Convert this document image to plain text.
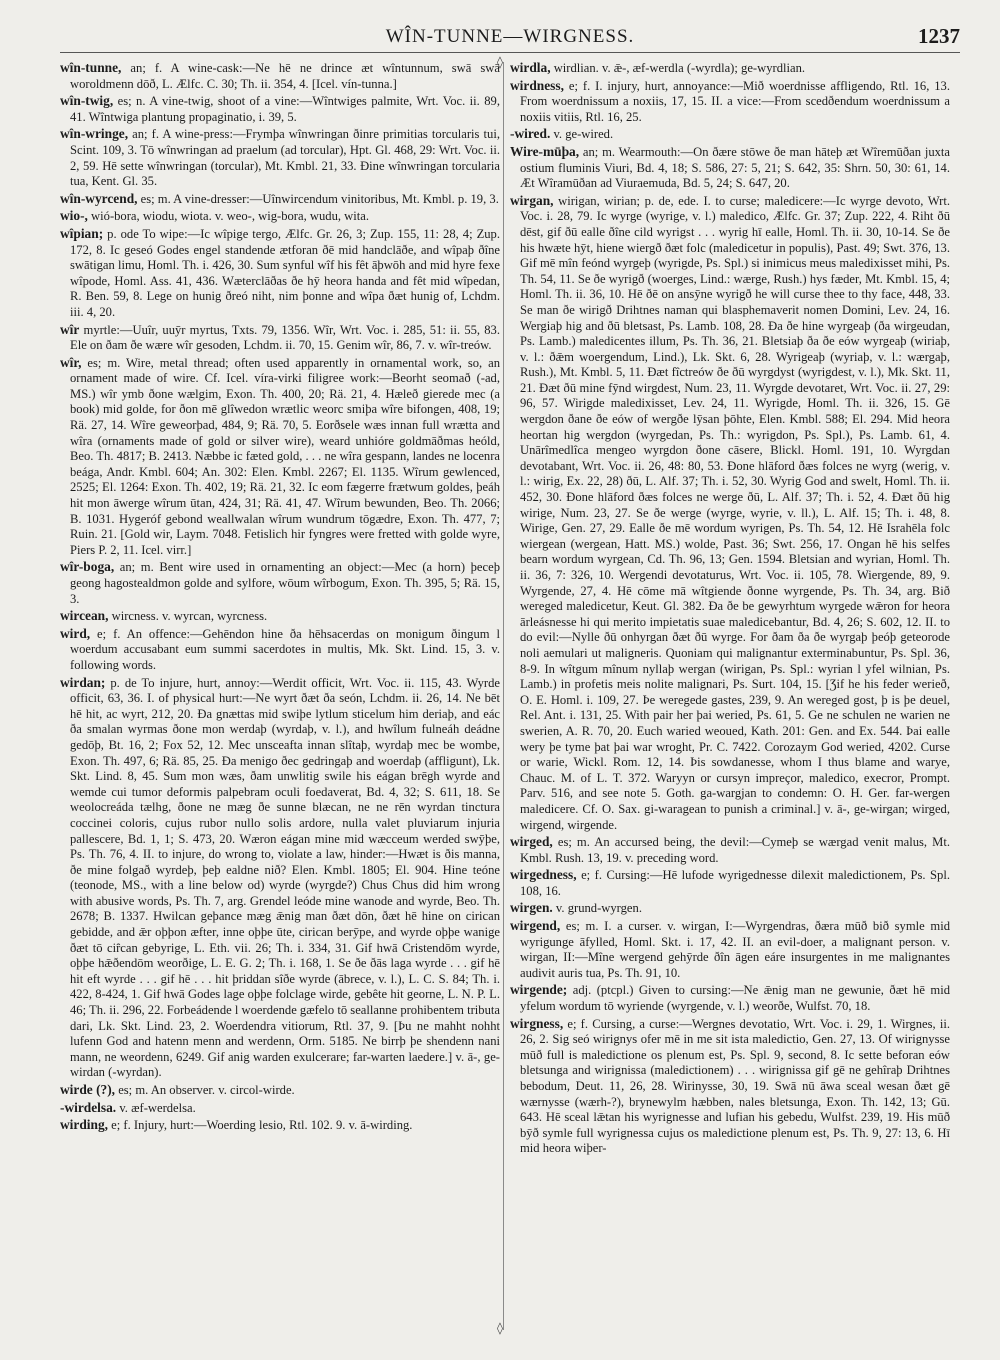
WÎN-TUNNE—WIRGNESS.	1237

wîn-tunne, an; f. A wine-cask:—Ne hē ne drince æt wîntunnum, swā swā woroldmenn dōð, L. Ælfc. C. 30; Th. ii. 354, 4. [Icel. vín-tunna.]

wîn-twig, es; n. A vine-twig, shoot of a vine:—Wîntwiges palmite, Wrt. Voc. ii. 89, 41. Wîntwiga plantung propaginatio, i. 39, 5.

wîn-wringe, an; f. A wine-press:—Frymþa wînwringan ðinre primitias torcularis tui, Scint. 109, 3. Tō wînwringan ad praelum (ad torcular), Hpt. Gl. 468, 29: Wrt. Voc. ii. 2, 59. Hē sette wînwringan (torcular), Mt. Kmbl. 21, 33. Ðine wînwringan torcularia tua, Kent. Gl. 35.

wîn-wyrcend, es; m. A vine-dresser:—Uînwircendum vinitoribus, Mt. Kmbl. p. 19, 3.

wio-, wió-bora, wiodu, wiota. v. weo-, wig-bora, wudu, wita.

wîpian; p. ode To wipe:—Ic wîpige tergo, Ælfc. Gr. 26, 3; Zup. 155, 11: 28, 4; Zup. 172, 8. Ic geseó Godes engel standende ætforan ðē mid handclāðe, and wîpaþ ðîne swātigan limu, Homl. Th. i. 426, 30. Sum synful wîf his fêt āþwōh and mid hyre fexe wîpode, Homl. Ass. 41, 436. Wæterclāðas ðe hȳ heora handa and fêt mid wîpedan, R. Ben. 59, 8. Lege on hunig ðreó niht, nim þonne and wîpa ðæt hunig of, Lchdm. iii. 4, 20.

wîr myrtle:—Uuîr, uuȳr myrtus, Txts. 79, 1356. Wîr, Wrt. Voc. i. 285, 51: ii. 55, 83. Ele on ðam ðe wære wîr gesoden, Lchdm. ii. 70, 15. Genim wîr, 86, 7. v. wîr-treów.

wîr, es; m. Wire, metal thread; often used apparently in ornamental work, so, an ornament made of wire. Cf. Icel. víra-virki filigree work:—Beorht seomað (-ad, MS.) wîr ymb ðone wælgim, Exon. Th. 400, 20; Rä. 21, 4. Hæleð gierede mec (a book) mid golde, for ðon mē glîwedon wrætlic weorc smiþa wîre bifongen, 408, 19; Rä. 27, 14. Wîre geweorþad, 484, 9; Rä. 70, 5. Eorðsele wæs innan full wrætta and wîra (ornaments made of gold or silver wire), weard unhióre goldmāðmas heóld, Beo. Th. 4817; B. 2413. Næbbe ic fæted gold, . . . ne wîra gespann, landes ne locenra beága, Andr. Kmbl. 604; An. 302: Elen. Kmbl. 2267; El. 1135. Wîrum gewlenced, 2525; El. 1264: Exon. Th. 402, 19; Rä. 21, 32. Ic eom fægerre frætwum goldes, þeáh hit mon āwerge wîrum ūtan, 424, 31; Rä. 41, 47. Wîrum bewunden, Beo. Th. 2066; B. 1031. Hygeróf gebond weallwalan wîrum wundrum tōgædre, Exon. Th. 477, 7; Ruin. 21. [Gold wir, Laym. 7048. Fetislich hir fyngres were fretted with golde wyre, Piers P. 2, 11. Icel. virr.]

wîr-boga, an; m. Bent wire used in ornamenting an object:—Mec (a horn) þeceþ geong hagostealdmon golde and sylfore, wōum wîrbogum, Exon. Th. 395, 5; Rä. 15, 3.

wircean, wircness. v. wyrcan, wyrcness.

wird, e; f. An offence:—Gehēndon hine ða hēhsacerdas on monigum ðingum l woerdum accusabant eum summi sacerdotes in multis, Mk. Skt. Lind. 15, 3. v. following words.

wirdan; p. de To injure, hurt, annoy:—Werdit officit, Wrt. Voc. ii. 115, 43. Wyrde officit, 63, 36. I. of physical hurt:—Ne wyrt ðæt ða seón, Lchdm. ii. 26, 14. Ne bēt hē hit, ac wyrt, 212, 20. Ða gnættas mid swiþe lytlum sticelum him deriaþ, and eác ða smalan wyrmas ðone mon werdaþ (wyrdaþ, v. l.), and hwîlum fulneáh deádne gedōþ, Bt. 16, 2; Fox 52, 12. Mec unsceafta innan slîtaþ, wyrdaþ mec be wombe, Exon. Th. 497, 6; Rä. 85, 25. Ða menigo ðec gedringaþ and woerdaþ (affligunt), Lk. Skt. Lind. 8, 45. Sum mon wæs, ðam unwlitig swile his eágan brēgh wyrde and wemde cui tumor deformis palpebram oculi foedaverat, Bd. 4, 32; S. 611, 18. Se weolocreáda tælhg, ðone ne mæg ðe sunne blæcan, ne ne rēn wyrdan tinctura coccinei coloris, cujus rubor nullo solis ardore, nulla valet pluviarum injuria pallescere, Bd. 1, 1; S. 473, 20. Wæron eágan mine mid wæcceum werded swȳþe, Ps. Th. 76, 4. II. to injure, do wrong to, violate a law, hinder:—Hwæt is ðis manna, ðe mine folgað wyrdeþ, þeþ ealdne nið? Elen. Kmbl. 1805; El. 904. Hine teóne (teonode, MS., with a line below od) wyrde (wyrgde?) Chus Chus did him wrong with abusive words, Ps. Th. 7, arg. Grendel leóde mine wanode and wyrde, Beo. Th. 2678; B. 1337. Hwilcan geþance mæg ǣnig man ðæt dōn, ðæt hē hine on cirican gebidde, and ǣr oþþon æfter, inne oþþe ūte, cirican berȳpe, and wyrde oþþe wanige ðæt tō ciȓcan gebyrige, L. Eth. vii. 26; Th. i. 334, 31. Gif hwā Cristendōm wyrde, oþþe hǣðendōm weorðige, L. E. G. 2; Th. i. 168, 1. Se ðe ðās laga wyrde . . . gif hē hit eft wyrde . . . gif hē . . . hit þriddan sîðe wyrde (ābrece, v. l.), L. C. S. 84; Th. i. 422, 8-424, 1. Gif hwā Godes lage oþþe folclage wirde, gebête hit georne, L. N. P. L. 46; Th. ii. 296, 22. Forbeádende l woerdende gæfelo tō seallanne prohibentem tributa dari, Lk. Skt. Lind. 23, 2. Woerdendra vitiorum, Rtl. 37, 9. [Þu ne mahht nohht lufenn God and hatenn menn and werdenn, Orm. 5185. Ne birrþ þe shendenn nani mann, ne weordenn, 6249. Gif anig warden exulcerare; far-warten laedere.] v. ā-, ge-wirdan (-wyrdan).

wirde (?), es; m. An observer. v. circol-wirde.

-wirdelsa. v. æf-werdelsa.

wirding, e; f. Injury, hurt:—Woerding lesio, Rtl. 102. 9. v. ā-wirding.

◊
◊

wirdla, wirdlian. v. ǣ-, æf-werdla (-wyrdla); ge-wyrdlian.

wirdness, e; f. I. injury, hurt, annoyance:—Mið woerdnisse affligendo, Rtl. 16, 13. From woerdnissum a noxiis, 17, 15. II. a vice:—From scedðendum woerdnissum a noxiis vitiis, Rtl. 16, 25.

-wired. v. ge-wired.

Wire-mūþa, an; m. Wearmouth:—On ðære stōwe ðe man hāteþ æt Wîremūðan juxta ostium fluminis Viuri, Bd. 4, 18; S. 586, 27: 5, 21; S. 642, 35: Shrn. 50, 30: 61, 14. Æt Wîramūðan ad Viuraemuda, Bd. 5, 24; S. 647, 20.

wirgan, wirigan, wirian; p. de, ede. I. to curse; maledicere:—Ic wyrge devoto, Wrt. Voc. i. 28, 79. Ic wyrge (wyrige, v. l.) maledico, Ælfc. Gr. 37; Zup. 222, 4. Riht ðū dēst, gif ðū ealle ðîne cild wyrigst . . . wyrig hī ealle, Homl. Th. ii. 30, 10-14. Se ðe his hwæte hȳt, hiene wiergð ðæt folc (maledicetur in populis), Past. 49; Swt. 376, 13. Gif mē mîn feónd wyrgeþ (wyrigde, Ps. Spl.) si inimicus meus maledixisset mihi, Ps. Th. 54, 11. Se ðe wyrigð (woerges, Lind.: wærge, Rush.) hys fæder, Mt. Kmbl. 15, 4; Homl. Th. ii. 36, 10. Hē ðē on ansȳne wyrigð he will curse thee to thy face, 448, 33. Se man ðe wirigð Drihtnes naman qui blasphemaverit nomen Domini, Lev. 24, 16. Wergiaþ hig and ðū bletsast, Ps. Lamb. 108, 28. Ða ðe hine wyrgeaþ (ða wirgeudan, Ps. Lamb.) maledicentes illum, Ps. Th. 36, 21. Bletsiaþ ða ðe eów wyrgeaþ (wiriaþ, v. l.: ðǣm woergendum, Lind.), Lk. Skt. 6, 28. Wyrigeaþ (wyriaþ, v. l.: wærgaþ, Rush.), Mt. Kmbl. 5, 11. Ðæt fîctreów ðe ðū wyrgdyst (wyrigdest, v. l.), Mk. Skt. 11, 21. Ðæt ðū mine fȳnd wirgdest, Num. 23, 11. Wyrgde devotaret, Wrt. Voc. ii. 27, 29: 96, 57. Wirigde maledixisset, Lev. 24, 11. Wyrigde, Homl. Th. ii. 326, 15. Gē wergdon ðane ðe eów of wergðe lȳsan þōhte, Elen. Kmbl. 588; El. 294. Mid heora heortan hig wergdon (wyrgedan, Ps. Th.: wyrigdon, Ps. Spl.), Ps. Lamb. 61, 4. Unārîmedlîca mengeo wyrgdon ðone cāsere, Blickl. Homl. 191, 10. Wyrgdan devotabant, Wrt. Voc. ii. 26, 48: 80, 53. Ðone hlāford ðæs folces ne wyrg (werig, v. l.: wirig, Ex. 22, 28) ðū, L. Alf. 37; Th. i. 52, 30. Wyrig God and swelt, Homl. Th. ii. 452, 30. Ðone hlāford ðæs folces ne werge ðū, L. Alf. 37; Th. i. 52, 4. Ðæt ðū hig wirige, Num. 23, 27. Se ðe werge (wyrge, wyrie, v. ll.), L. Alf. 15; Th. i. 48, 8. Wirige, Gen. 27, 29. Ealle ðe mē wordum wyrigen, Ps. Th. 54, 12. Hē Israhēla folc wiergean (wergean, Hatt. MS.) wolde, Past. 36; Swt. 256, 17. Ongan hē his selfes bearn wordum wyrgean, Cd. Th. 96, 13; Gen. 1594. Bletsian and wyrian, Homl. Th. ii. 36, 7: 326, 10. Wergendi devotaturus, Wrt. Voc. ii. 105, 78. Wiergende, 89, 9. Wyrgende, 27, 4. Hē cōme mā wîtgiende ðonne wyrgende, Ps. Th. 34, arg. Bið wereged maledicetur, Keut. Gl. 382. Ða ðe be gewyrhtum wyrgede wǣron for heora ārleásnesse hi qui merito impietatis suae maledicebantur, Bd. 4, 26; S. 602, 12. II. to do evil:—Nylle ðū onhyrgan ðæt ðū wyrge. For ðam ða ðe wyrgaþ þeóþ geteorode noli aemulari ut maligneris. Quoniam qui malignantur exterminabuntur, Ps. Spl. 36, 8-9. In wîtgum mînum nyllaþ wergan (wirigan, Ps. Spl.: wyrian l yfel wilnian, Ps. Lamb.) in profetis meis nolite malignari, Ps. Surt. 104, 15. [Ʒif he his feder werieð, O. E. Homl. i. 109, 27. Þe weregede gastes, 239, 9. An wereged gost, þ is þe deuel, Rel. Ant. i. 131, 25. With pair her þai weried, Ps. 61, 5. Ge ne schulen ne warien ne swerien, A. R. 70, 20. Euch waried weoued, Kath. 201: Gen. and Ex. 544. Þai ealle wery þe tyme þat þai war wroght, Pr. C. 7422. Corozaym God weried, 4202. Curse or warie, Wickl. Rom. 12, 14. Þis sowdanesse, whom I thus blame and warye, Chauc. M. of L. T. 372. Waryyn or cursyn impreçor, maledico, execror, Prompt. Parv. 516, and see note 5. Goth. ga-wargjan to condemn: O. H. Ger. far-wergen maledicere. Cf. O. Sax. gi-waragean to punish a criminal.] v. ā-, ge-wirgan; wirged, wirgend, wirgende.

wirged, es; m. An accursed being, the devil:—Cymeþ se wærgad venit malus, Mt. Kmbl. Rush. 13, 19. v. preceding word.

wirgedness, e; f. Cursing:—Hē lufode wyrigednesse dilexit maledictionem, Ps. Spl. 108, 16.

wirgen. v. grund-wyrgen.

wirgend, es; m. I. a curser. v. wirgan, I:—Wyrgendras, ðæra mūð bið symle mid wyrigunge āfylled, Homl. Skt. i. 17, 42. II. an evil-doer, a malignant person. v. wirgan, II:—Mîne wergend gehȳrde ðîn āgen eáre insurgentes in me malignantes audivit auris tua, Ps. Th. 91, 10.

wirgende; adj. (ptcpl.) Given to cursing:—Ne ǣnig man ne gewunie, ðæt hē mid yfelum wordum tō wyriende (wyrgende, v. l.) weorðe, Wulfst. 70, 18.

wirgness, e; f. Cursing, a curse:—Wergnes devotatio, Wrt. Voc. i. 29, 1. Wirgnes, ii. 26, 2. Sig seó wirignys ofer mē in me sit ista maledictio, Gen. 27, 13. Of wirignysse mūð full is maledictione os plenum est, Ps. Spl. 9, second, 8. Ic sette beforan eów bletsunga and wirignissa (maledictionem) . . . wirignissa gif gē ne gehîraþ Drihtnes bebodum, Deut. 11, 26, 28. Wirinysse, 30, 19. Swā nū āwa sceal wesan ðæt gē wærnysse (wærh-?), brynewylm hæbben, nales bletsunga, Exon. Th. 142, 13; Gū. 643. Hē sceal lǣtan his wyrignesse and lufian his gebedu, Wulfst. 239, 19. His mūð bȳð symle full wyrignessa cujus os maledictione plenum est, Ps. Th. 9, 27: 13, 6. Hī mid heora wiþer-
